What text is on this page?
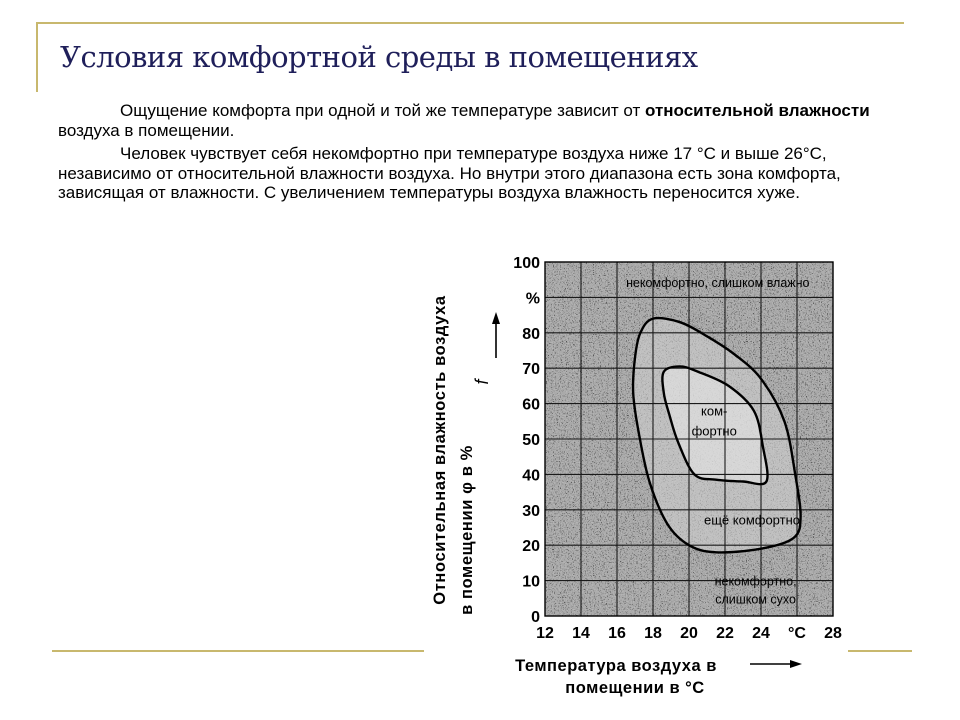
Условия комфортной среды в помещениях

Ощущение комфорта при одной и той же температуре зависит от относительной влажности воздуха в помещении.

Человек чувствует себя некомфортно при температуре воздуха ниже 17 °C и выше 26°C, независимо от относительной влажности воздуха. Но внутри этого диапазона есть зона комфорта, зависящая от влажности. С увеличением температуры воздуха влажность переносится хуже.

0
10
20
30
40
50
60
70
80
%
100
12 14 16 18 20 22 24 °C 28
некомфортно, слишком влажно
ещё комфортно
ком-
фортно
некомфортно,
слишком сухо
f
Относительная влажность воздуха в помещении φ в %
Температура воздуха в
помещении в °C
